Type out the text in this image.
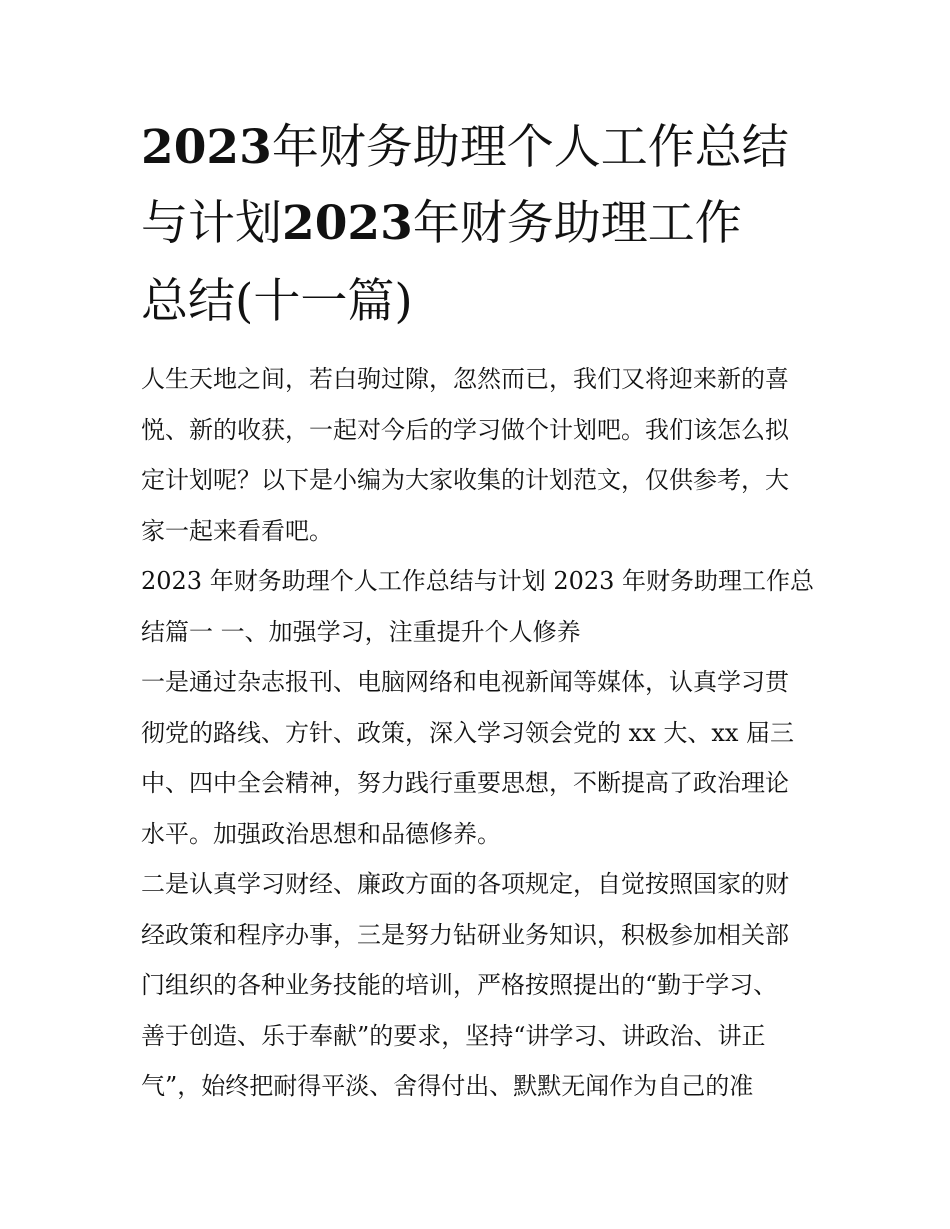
2023年财务助理个人工作总结
与计划2023年财务助理工作
总结(十一篇)
人生天地之间，若白驹过隙，忽然而已，我们又将迎来新的喜
悦、新的收获，一起对今后的学习做个计划吧。我们该怎么拟
定计划呢？以下是小编为大家收集的计划范文，仅供参考，大
家一起来看看吧。
2023 年财务助理个人工作总结与计划 2023 年财务助理工作总
结篇一 一、加强学习，注重提升个人修养
一是通过杂志报刊、电脑网络和电视新闻等媒体，认真学习贯
彻党的路线、方针、政策，深入学习领会党的 xx 大、xx 届三
中、四中全会精神，努力践行重要思想，不断提高了政治理论
水平。加强政治思想和品德修养。
二是认真学习财经、廉政方面的各项规定，自觉按照国家的财
经政策和程序办事，三是努力钻研业务知识，积极参加相关部
门组织的各种业务技能的培训，严格按照提出的“勤于学习、
善于创造、乐于奉献”的要求，坚持“讲学习、讲政治、讲正
气”，始终把耐得平淡、舍得付出、默默无闻作为自己的准
